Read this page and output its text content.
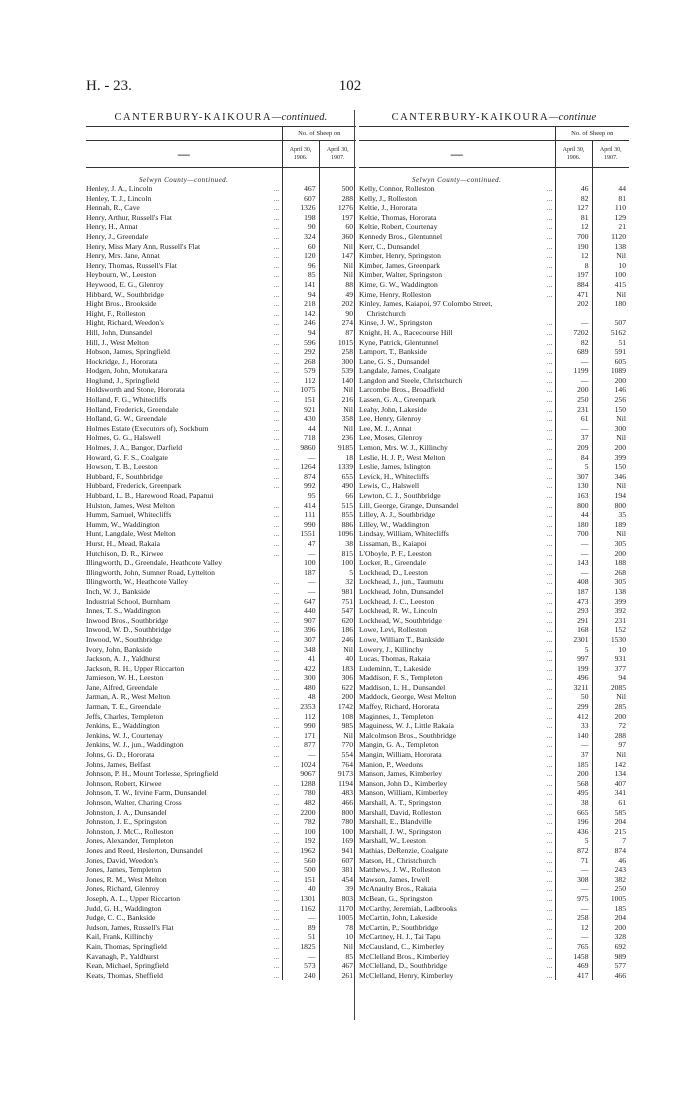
H. - 23.	102
CANTERBURY-KAIKOURA—continued.
	No. of Sheep on	
—	April 30, 1906.	April 30, 1907.
Selwyn County—continued.		

...
Henley, J. A., Lincoln	467	500

...
Henley, T. J., Lincoln	607	288

...
Hennah, R., Cave	1326	1276

...
Henry, Arthur, Russell's Flat	198	197

...
Henry, H., Annat	90	60

...
Henry, J., Greendale	324	360

...
Henry, Miss Mary Ann, Russell's Flat	60	Nil

...
Henry, Mrs. Jane, Annat	120	147

...
Henry, Thomas, Russell's Flat	96	Nil

...
Heybourn, W., Leeston	85	Nil

...
Heywood, E. G., Glenroy	141	88

...
Hibbard, W., Southbridge	94	49

...
Hight Bros., Brookside	218	202

...
Hight, F., Rolleston	142	90

...
Hight, Richard, Weedon's	246	274

...
Hill, John, Dunsandel	94	87

...
Hill, J., West Melton	596	1015

...
Hobson, James, Springfield	292	258

...
Hockridge, J., Hororata	268	300

...
Hodgen, John, Motukarara	579	539

...
Hoglund, J., Springfield	112	140

...
Holdsworth and Stone, Hororata	1075	Nil

...
Holland, F. G., Whitecliffs	151	216

...
Holland, Frederick, Greendale	921	Nil

...
Holland, G. W., Greendale	430	358

...
Holmes Estate (Executors of), Sockburn	44	Nil

...
Holmes, G. G., Halswell	718	236

...
Holmes, J. A., Bangor, Darfield	9860	9185

...
Howard, G. F. S., Coalgate	—	18

...
Howson, T. B., Leeston	1264	1339

...
Hubbard, F., Southbridge	874	655

...
Hubbard, Frederick, Greenpark	992	490

Hubbard, L. B., Harewood Road, Papanui	95	66

...
Hulston, James, West Melton	414	515

...
Humm, Samuel, Whitecliffs	111	855

...
Humm, W., Waddington	990	886

...
Hunt, Langdale, West Melton	1551	1096

...
Hurst, H., Mead, Rakaia	47	38

...
Hutchison, D. R., Kirwee	—	815

Illingworth, D., Greendale, Heathcote Valley	100	100

Illingworth, John, Sumner Road, Lyttelton	187	5

...
Illingworth, W., Heathcote Valley	—	32

...
Inch, W. J., Bankside	—	981

...
Industrial School, Burnham	647	751

...
Innes, T. S., Waddington	440	547

...
Inwood Bros., Southbridge	907	620

...
Inwood, W. D., Southbridge	396	186

...
Inwood, W., Southbridge	307	246

...
Ivory, John, Bankside	348	Nil

...
Jackson, A. J., Yaldhurst	41	40

...
Jackson, R. H., Upper Riccarton	422	183

...
Jamieson, W. H., Leeston	300	306

...
Jane, Alfred, Greendale	480	622

...
Jarman, A. R., West Melton	48	200

...
Jarman, T. E., Greendale	2353	1742

...
Jeffs, Charles, Templeton	112	108

...
Jenkins, E., Waddington	990	985

...
Jenkins, W. J., Courtenay	171	Nil

...
Jenkins, W. J., jun., Waddington	877	770

...
Johns, G. D., Hororata	—	554

...
Johns, James, Belfast	1024	764

Johnson, P. H., Mount Torlesse, Springfield	9067	9173

...
Johnson, Robert, Kirwee	1288	1194

...
Johnson, T. W., Irvine Farm, Dunsandel	780	483

...
Johnson, Walter, Charing Cross	482	466

...
Johnston, J. A., Dunsandel	2200	800

...
Johnston, J. E., Springston	782	780

...
Johnston, J. McC., Rolleston	100	100

...
Jones, Alexander, Templeton	192	169

...
Jones and Reed, Heslerton, Dunsandel	1962	941

...
Jones, David, Weedon's	560	607

...
Jones, James, Templeton	500	381

...
Jones, R. M., West Melton	151	454

...
Jones, Richard, Glenroy	40	39

...
Joseph, A. L., Upper Riccarton	1301	803

...
Judd, G. H., Waddington	1162	1170

...
Judge, C. C., Bankside	—	1005

...
Judson, James, Russell's Flat	89	78

...
Kail, Frank, Killinchy	51	10

...
Kain, Thomas, Springfield	1825	Nil

...
Kavanagh, P., Yaldhurst	—	85

...
Kean, Michael, Springfield	573	467

...
Keats, Thomas, Sheffield	240	261
CANTERBURY-KAIKOURA—continue
	No. of Sheep on	
—	April 30, 1906.	April 30, 1907.
Selwyn County—continued.		

...
Kelly, Connor, Rolleston	46	44

...
Kelly, J., Rolleston	82	81

...
Keltie, J., Hororata	127	110

...
Keltie, Thomas, Hororata	81	129

...
Keltie, Robert, Courtenay	12	21

...
Kennedy Bros., Glentunnel	700	1120

...
Kerr, C., Dunsandel	190	138

...
Kimber, Henry, Springston	12	Nil

...
Kimber, James, Greenpark	8	10

...
Kimber, Walter, Springston	197	100

...
Kime, G. W., Waddington	884	415

...
Kime, Henry, Rolleston	471	Nil

Kinley, James, Kaiapoi, 97 Colombo Street,	202	180

Christchurch		

...
Kinse, J. W., Springston	—	507

...
Knight, H. A., Racecourse Hill	7202	5162

...
Kyne, Patrick, Glentunnel	82	51

...
Lamport, T., Bankside	689	591

...
Lane, G. S., Dunsandel	—	605

...
Langdale, James, Coalgate	1199	1089

...
Langdon and Steele, Christchurch	—	200

...
Larcombe Bros., Broadfield	200	146

...
Lassen, G. A., Greenpark	250	256

...
Leahy, John, Lakeside	231	150

...
Lee, Henry, Glenroy	61	Nil

...
Lee, M. J., Annat	—	300

...
Lee, Moses, Glenroy	37	Nil

...
Lemon, Mrs. W. J., Killinchy	209	200

...
Leslie, H. J. P., West Melton	84	399

...
Leslie, James, Islington	5	150

...
Levick, H., Whitecliffs	307	346

...
Lewis, C., Halswell	130	Nil

...
Lewton, C. J., Southbridge	163	194

...
Lill, George, Grange, Dunsandel	800	800

...
Lilley, A. J., Southbridge	44	35

...
Lilley, W., Waddington	180	189

...
Lindsay, William, Whitecliffs	700	Nil

...
Lissaman, B., Kaiapoi	—	305

...
L'Oboyle, P. F., Leeston	—	200

...
Locker, R., Greendale	143	188

...
Lockhead, D., Leeston	—	268

...
Lockhead, J., jun., Taumutu	408	305

...
Lockhead, John, Dunsandel	187	138

...
Lockhead, J. C., Leeston	473	399

...
Lockhead, R. W., Lincoln	293	392

...
Lockhead, W., Southbridge	291	231

...
Lowe, Levi, Rolleston	168	152

...
Lowe, William T., Bankside	2301	1530

...
Lowery, J., Killinchy	5	10

...
Lucas, Thomas, Rakaia	997	931

...
Ludeminn, T., Lakeside	199	377

...
Maddison, F. S., Templeton	496	94

...
Maddison, L. H., Dunsandel	3211	2085

...
Maddock, George, West Melton	50	Nil

...
Maffey, Richard, Hororata	299	285

...
Maginnes, J., Templeton	412	200

...
Maguiness, W. J., Little Rakaia	33	72

...
Malcolmson Bros., Southbridge	140	288

...
Mangin, G. A., Templeton	—	97

...
Mangin, William, Hororata	37	Nil

...
Manion, P., Weedons	185	142

...
Manson, James, Kimberley	200	134

...
Manson, John D., Kimberley	568	407

...
Manson, William, Kimberley	495	341

...
Marshall, A. T., Springston	38	61

...
Marshall, David, Rolleston	665	585

...
Marshall, E., Blandville	196	204

...
Marshall, J. W., Springston	436	215

...
Marshall, W., Leeston	5	7

...
Mathias, DeRenzie, Coalgate	872	874

...
Matson, H., Christchurch	71	46

...
Matthews, J. W., Rolleston	—	243

...
Mawson, James, Irwell	308	382

...
McAnaulty Bros., Rakaia	—	250

...
McBean, G., Springston	975	1005

...
McCarthy, Jeremiah, Ladbrooks	—	185

...
McCartin, John, Lakeside	258	204

...
McCartin, P., Southbridge	12	200

...
McCartney, H. J., Tai Tapu	—	328

...
McCausland, C., Kimberley	765	692

...
McClelland Bros., Kimberley	1458	989

...
McClelland, D., Southbridge	469	577

...
McClelland, Henry, Kimberley	417	466
